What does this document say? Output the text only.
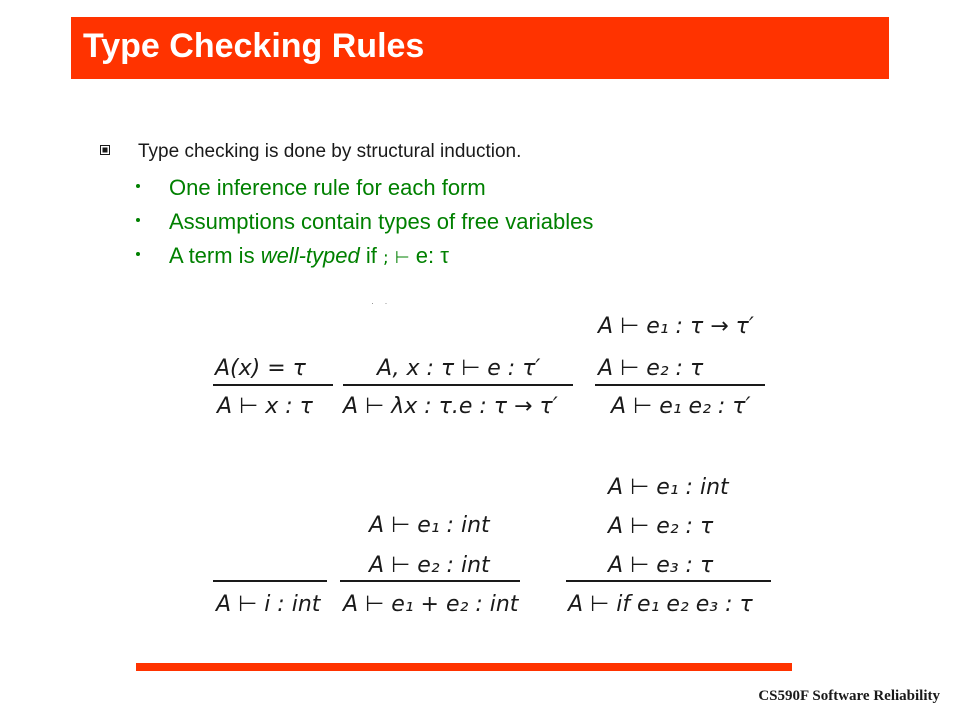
Type Checking Rules
Type checking is done by structural induction.
One inference rule for each form
Assumptions contain types of free variables
A term is well-typed if ; ⊢ e: τ
· ·
A(x) = τ
A ⊢ x : τ
A, x : τ ⊢ e : τ′
A ⊢ λx : τ.e : τ → τ′
A ⊢ e₁ : τ → τ′
A ⊢ e₂ : τ
A ⊢ e₁ e₂ : τ′
A ⊢ i : int
A ⊢ e₁ : int
A ⊢ e₂ : int
A ⊢ e₁ + e₂ : int
A ⊢ e₁ : int
A ⊢ e₂ : τ
A ⊢ e₃ : τ
A ⊢ if e₁ e₂ e₃ : τ
CS590F Software Reliability
